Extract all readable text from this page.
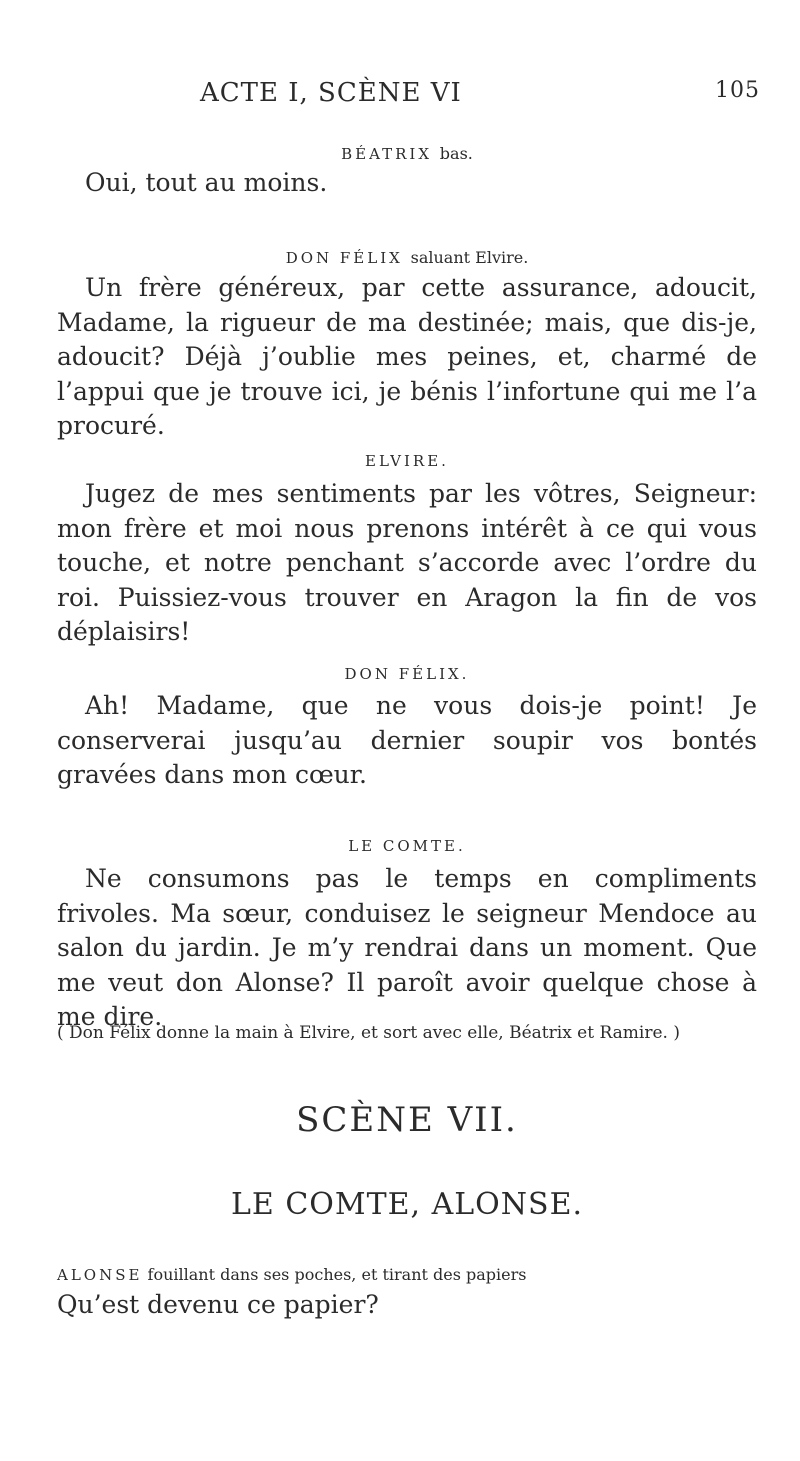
ACTE I, SCÈNE VI	105
BÉATRIX bas.
Oui, tout au moins.
DON FÉLIX saluant Elvire.
Un frère généreux, par cette assurance, adoucit, Madame, la rigueur de ma destinée; mais, que dis-je, adoucit? Déjà j’oublie mes peines, et, charmé de l’appui que je trouve ici, je bénis l’infortune qui me l’a procuré.
ELVIRE.
Jugez de mes sentiments par les vôtres, Seigneur: mon frère et moi nous prenons intérêt à ce qui vous touche, et notre penchant s’accorde avec l’ordre du roi. Puissiez-vous trouver en Aragon la fin de vos déplaisirs!
DON FÉLIX.
Ah! Madame, que ne vous dois-je point! Je conserverai jusqu’au dernier soupir vos bontés gravées dans mon cœur.
LE COMTE.
Ne consumons pas le temps en compliments frivoles. Ma sœur, conduisez le seigneur Mendoce au salon du jardin. Je m’y rendrai dans un moment. Que me veut don Alonse? Il paroît avoir quelque chose à me dire.
( Don Félix donne la main à Elvire, et sort avec elle, Béatrix et Ramire. )
SCÈNE VII.
LE COMTE, ALONSE.
ALONSE fouillant dans ses poches, et tirant des papiers
Qu’est devenu ce papier?
